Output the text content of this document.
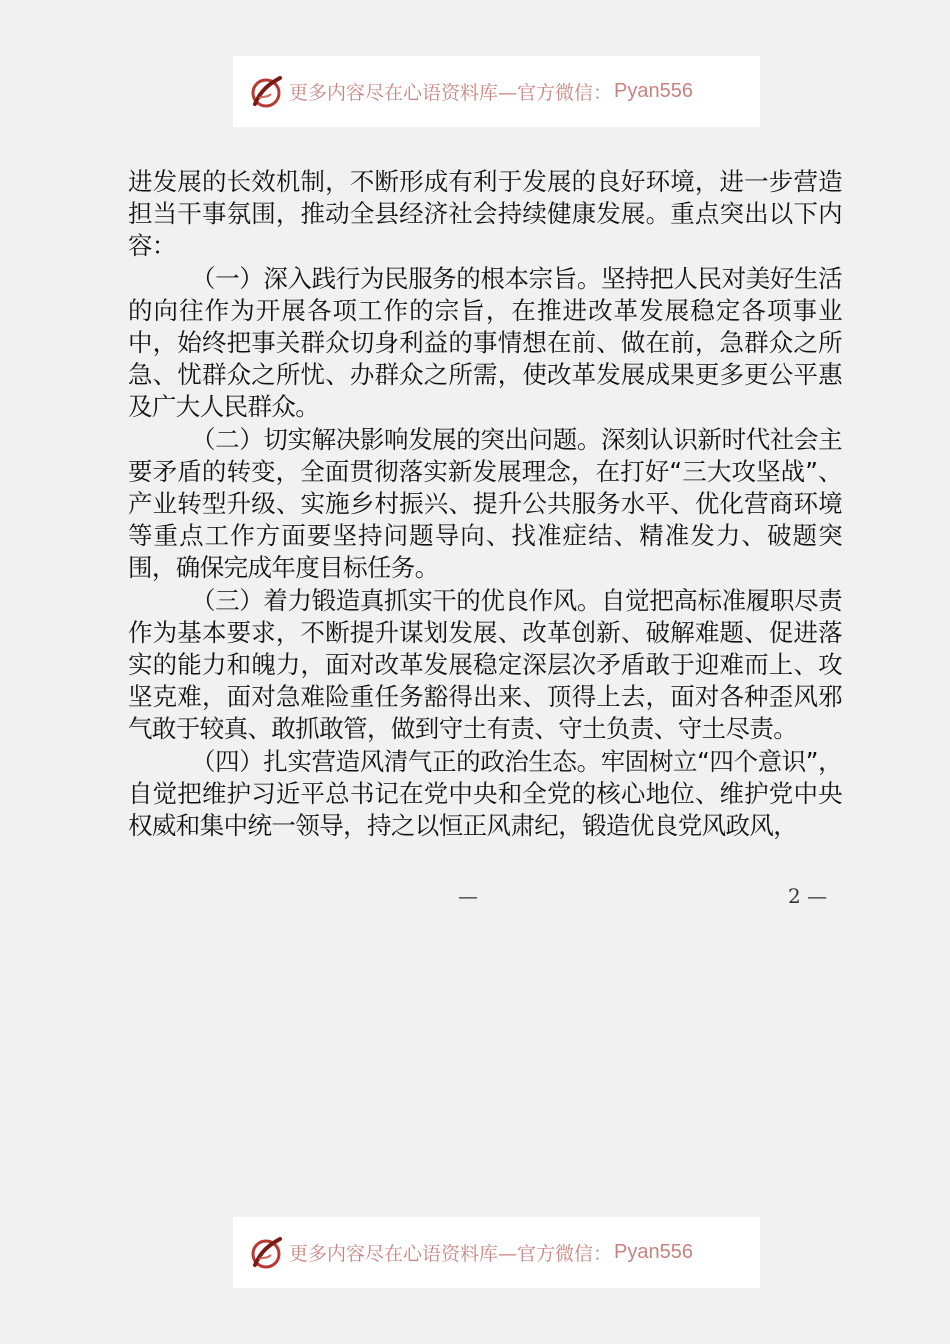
更多内容尽在心语资料库—官方微信： Pyan556

进发展的长效机制，不断形成有利于发展的良好环境，进一步营造担当干事氛围，推动全县经济社会持续健康发展。重点突出以下内容：

（一）深入践行为民服务的根本宗旨。坚持把人民对美好生活的向往作为开展各项工作的宗旨，在推进改革发展稳定各项事业中，始终把事关群众切身利益的事情想在前、做在前，急群众之所急、忧群众之所忧、办群众之所需，使改革发展成果更多更公平惠及广大人民群众。

（二）切实解决影响发展的突出问题。深刻认识新时代社会主要矛盾的转变，全面贯彻落实新发展理念，在打好“三大攻坚战”、产业转型升级、实施乡村振兴、提升公共服务水平、优化营商环境等重点工作方面要坚持问题导向、找准症结、精准发力、破题突围，确保完成年度目标任务。

（三）着力锻造真抓实干的优良作风。自觉把高标准履职尽责作为基本要求，不断提升谋划发展、改革创新、破解难题、促进落实的能力和魄力，面对改革发展稳定深层次矛盾敢于迎难而上、攻坚克难，面对急难险重任务豁得出来、顶得上去，面对各种歪风邪气敢于较真、敢抓敢管，做到守土有责、守土负责、守土尽责。

（四）扎实营造风清气正的政治生态。牢固树立“四个意识”，自觉把维护习近平总书记在党中央和全党的核心地位、维护党中央权威和集中统一领导，持之以恒正风肃纪，锻造优良党风政风，

—	2 —
更多内容尽在心语资料库—官方微信： Pyan556
